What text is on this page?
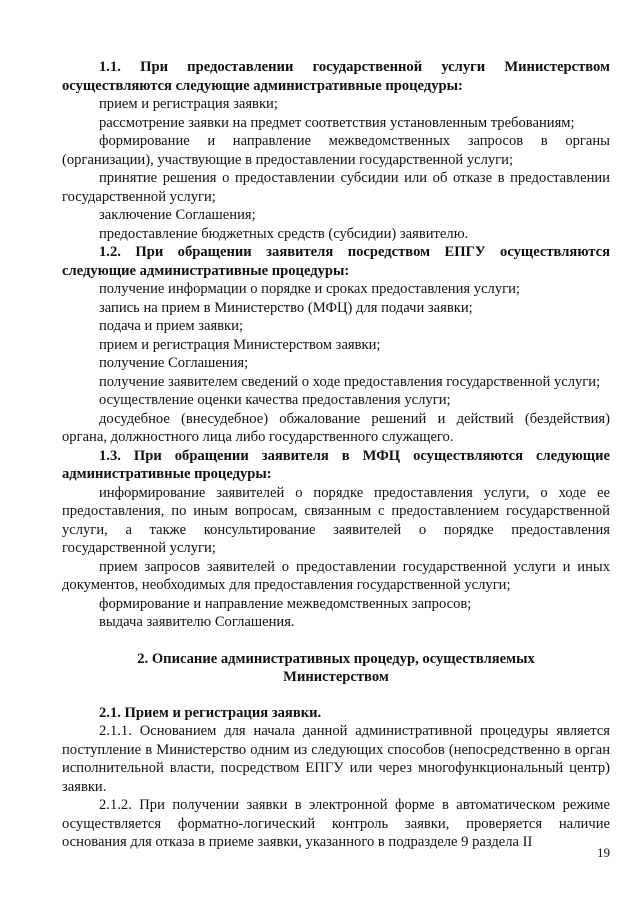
1.1. При предоставлении государственной услуги Министерством осуществляются следующие административные процедуры:

прием и регистрация заявки;

рассмотрение заявки на предмет соответствия установленным требованиям;

формирование и направление межведомственных запросов в органы (организации), участвующие в предоставлении государственной услуги;

принятие решения о предоставлении субсидии или об отказе в предоставлении государственной услуги;

заключение Соглашения;

предоставление бюджетных средств (субсидии) заявителю.

1.2. При обращении заявителя посредством ЕПГУ осуществляются следующие административные процедуры:

получение информации о порядке и сроках предоставления услуги;

запись на прием в Министерство (МФЦ) для подачи заявки;

подача и прием заявки;

прием и регистрация Министерством заявки;

получение Соглашения;

получение заявителем сведений о ходе предоставления государственной услуги;

осуществление оценки качества предоставления услуги;

досудебное (внесудебное) обжалование решений и действий (бездействия) органа, должностного лица либо государственного служащего.

1.3. При обращении заявителя в МФЦ осуществляются следующие административные процедуры:

информирование заявителей о порядке предоставления услуги, о ходе ее предоставления, по иным вопросам, связанным с предоставлением государственной услуги, а также консультирование заявителей о порядке предоставления государственной услуги;

прием запросов заявителей о предоставлении государственной услуги и иных документов, необходимых для предоставления государственной услуги;

формирование и направление межведомственных запросов;

выдача заявителю Соглашения.

2. Описание административных процедур, осуществляемых
Министерством

2.1. Прием и регистрация заявки.

2.1.1. Основанием для начала данной административной процедуры является поступление в Министерство одним из следующих способов (непосредственно в орган исполнительной власти, посредством ЕПГУ или через многофункциональный центр) заявки.

2.1.2. При получении заявки в электронной форме в автоматическом режиме осуществляется форматно-логический контроль заявки, проверяется наличие основания для отказа в приеме заявки, указанного в подразделе 9 раздела II

19
